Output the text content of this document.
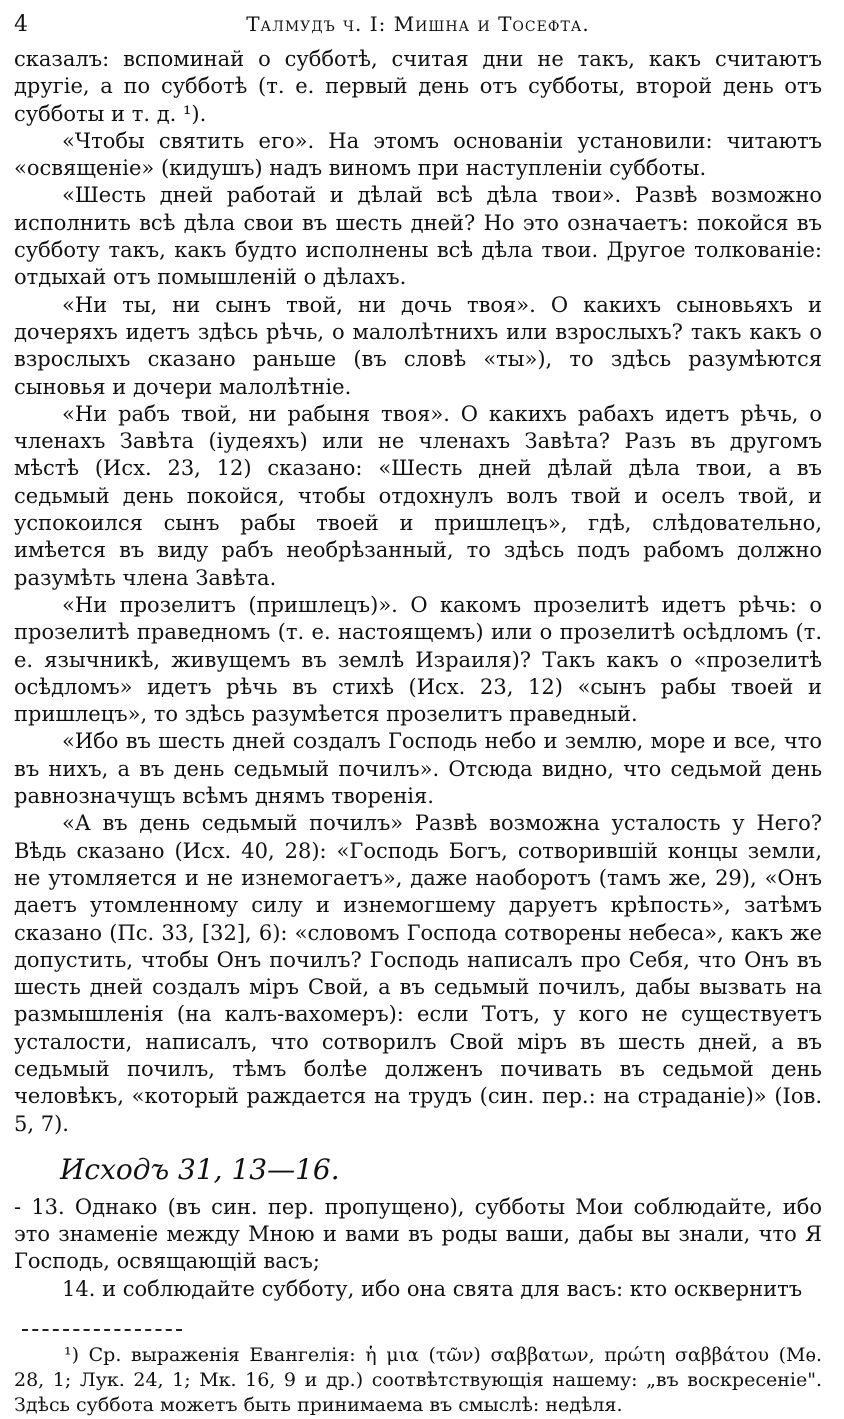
4	Талмудъ ч. I: Мишна и Тосефта.

сказалъ: вспоминай о субботѣ, считая дни не такъ, какъ считаютъ другіе, а по субботѣ (т. е. первый день отъ субботы, второй день отъ субботы и т. д. ¹).

«Чтобы святить его». На этомъ основаніи установили: читаютъ «освященіе» (кидушъ) надъ виномъ при наступленіи субботы.

«Шесть дней работай и дѣлай всѣ дѣла твои». Развѣ возможно исполнить всѣ дѣла свои въ шесть дней? Но это означаетъ: покойся въ субботу такъ, какъ будто исполнены всѣ дѣла твои. Другое толкованіе: отдыхай отъ помышленій о дѣлахъ.

«Ни ты, ни сынъ твой, ни дочь твоя». О какихъ сыновьяхъ и дочеряхъ идетъ здѣсь рѣчь, о малолѣтнихъ или взрослыхъ? такъ какъ о взрослыхъ сказано раньше (въ словѣ «ты»), то здѣсь разумѣются сыновья и дочери малолѣтніе.

«Ни рабъ твой, ни рабыня твоя». О какихъ рабахъ идетъ рѣчь, о членахъ Завѣта (іудеяхъ) или не членахъ Завѣта? Разъ въ другомъ мѣстѣ (Исх. 23, 12) сказано: «Шесть дней дѣлай дѣла твои, а въ седьмый день покойся, чтобы отдохнулъ волъ твой и оселъ твой, и успокоился сынъ рабы твоей и пришлецъ», гдѣ, слѣдовательно, имѣется въ виду рабъ необрѣзанный, то здѣсь подъ рабомъ должно разумѣть члена Завѣта.

«Ни прозелитъ (пришлецъ)». О какомъ прозелитѣ идетъ рѣчь: о прозелитѣ праведномъ (т. е. настоящемъ) или о прозелитѣ осѣдломъ (т. е. язычникѣ, живущемъ въ землѣ Израиля)? Такъ какъ о «прозелитѣ осѣдломъ» идетъ рѣчь въ стихѣ (Исх. 23, 12) «сынъ рабы твоей и пришлецъ», то здѣсь разумѣется прозелитъ праведный.

«Ибо въ шесть дней создалъ Господь небо и землю, море и все, что въ нихъ, а въ день седьмый почилъ». Отсюда видно, что седьмой день равнозначущъ всѣмъ днямъ творенія.

«А въ день седьмый почилъ» Развѣ возможна усталость у Него? Вѣдь сказано (Исх. 40, 28): «Господь Богъ, сотворившій концы земли, не утомляется и не изнемогаетъ», даже наоборотъ (тамъ же, 29), «Онъ даетъ утомленному силу и изнемогшему даруетъ крѣпость», затѣмъ сказано (Пс. 33, [32], 6): «словомъ Господа сотворены небеса», какъ же допустить, чтобы Онъ почилъ? Господь написалъ про Себя, что Онъ въ шесть дней создалъ міръ Свой, а въ седьмый почилъ, дабы вызвать на размышленія (на калъ-вахомеръ): если Тотъ, у кого не существуетъ усталости, написалъ, что сотворилъ Свой міръ въ шесть дней, а въ седьмый почилъ, тѣмъ болѣе долженъ почивать въ седьмой день человѣкъ, «который раждается на трудъ (син. пер.: на страданіе)» (Іов. 5, 7).

Исходъ 31, 13—16.

- 13. Однако (въ син. пер. пропущено), субботы Мои соблюдайте, ибо это знаменіе между Мною и вами въ роды ваши, дабы вы знали, что Я Господь, освящающій васъ;

14. и соблюдайте субботу, ибо она свята для васъ: кто осквернитъ

¹) Ср. выраженія Евангелія: ἡ μια (τῶν) σαββατων, πρώτη σαββάτου (Мѳ. 28, 1; Лук. 24, 1; Мк. 16, 9 и др.) соотвѣтствующія нашему: „въ воскресеніе". Здѣсь суббота можетъ быть принимаема въ смыслѣ: недѣля.
